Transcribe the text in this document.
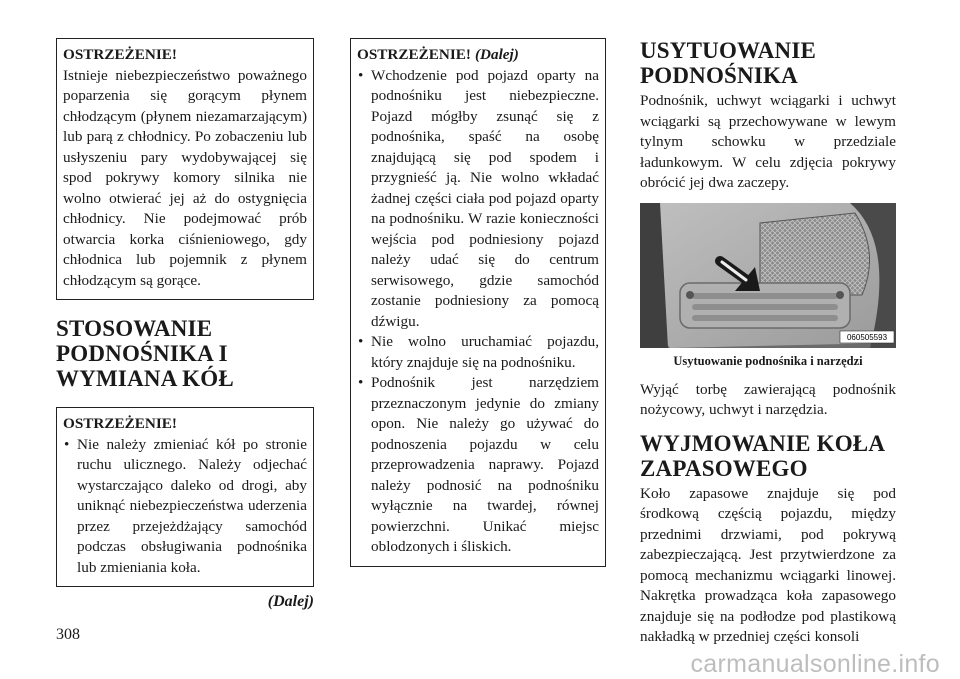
OSTRZEŻENIE!

Istnieje niebezpieczeństwo poważnego poparzenia się gorącym płynem chłodzącym (płynem niezamarzającym) lub parą z chłodnicy. Po zobaczeniu lub usłyszeniu pary wydobywającej się spod pokrywy komory silnika nie wolno otwierać jej aż do ostygnięcia chłodnicy. Nie podejmować prób otwarcia korka ciśnieniowego, gdy chłodnica lub pojemnik z płynem chłodzącym są gorące.

STOSOWANIE
PODNOŚNIKA I
WYMIANA KÓŁ
OSTRZEŻENIE!
• Nie należy zmieniać kół po stronie ruchu ulicznego. Należy odjechać wystarczająco daleko od drogi, aby uniknąć niebezpieczeństwa uderzenia przez przejeżdżający samochód podczas obsługiwania podnośnika lub zmieniania koła.
(Dalej)
OSTRZEŻENIE! (Dalej)
• Wchodzenie pod pojazd oparty na podnośniku jest niebezpieczne. Pojazd mógłby zsunąć się z podnośnika, spaść na osobę znajdującą się pod spodem i przygnieść ją. Nie wolno wkładać żadnej części ciała pod pojazd oparty na podnośniku. W razie konieczności wejścia pod podniesiony pojazd należy udać się do centrum serwisowego, gdzie samochód zostanie podniesiony za pomocą dźwigu.
• Nie wolno uruchamiać pojazdu, który znajduje się na podnośniku.
• Podnośnik jest narzędziem przeznaczonym jedynie do zmiany opon. Nie należy go używać do podnoszenia pojazdu w celu przeprowadzenia naprawy. Pojazd należy podnosić na podnośniku wyłącznie na twardej, równej powierzchni. Unikać miejsc oblodzonych i śliskich.
USYTUOWANIE
PODNOŚNIKA

Podnośnik, uchwyt wciągarki i uchwyt wciągarki są przechowywane w lewym tylnym schowku w przedziale ładunkowym. W celu zdjęcia pokrywy obrócić jej dwa zaczepy.

060505593
Usytuowanie podnośnika i narzędzi

Wyjąć torbę zawierającą podnośnik nożycowy, uchwyt i narzędzia.

WYJMOWANIE KOŁA
ZAPASOWEGO

Koło zapasowe znajduje się pod środkową częścią pojazdu, między przednimi drzwiami, pod pokrywą zabezpieczającą. Jest przytwierdzone za pomocą mechanizmu wciągarki linowej. Nakrętka prowadząca koła zapasowego znajduje się na podłodze pod plastikową nakładką w przedniej części konsoli

308
carmanualsonline.info
